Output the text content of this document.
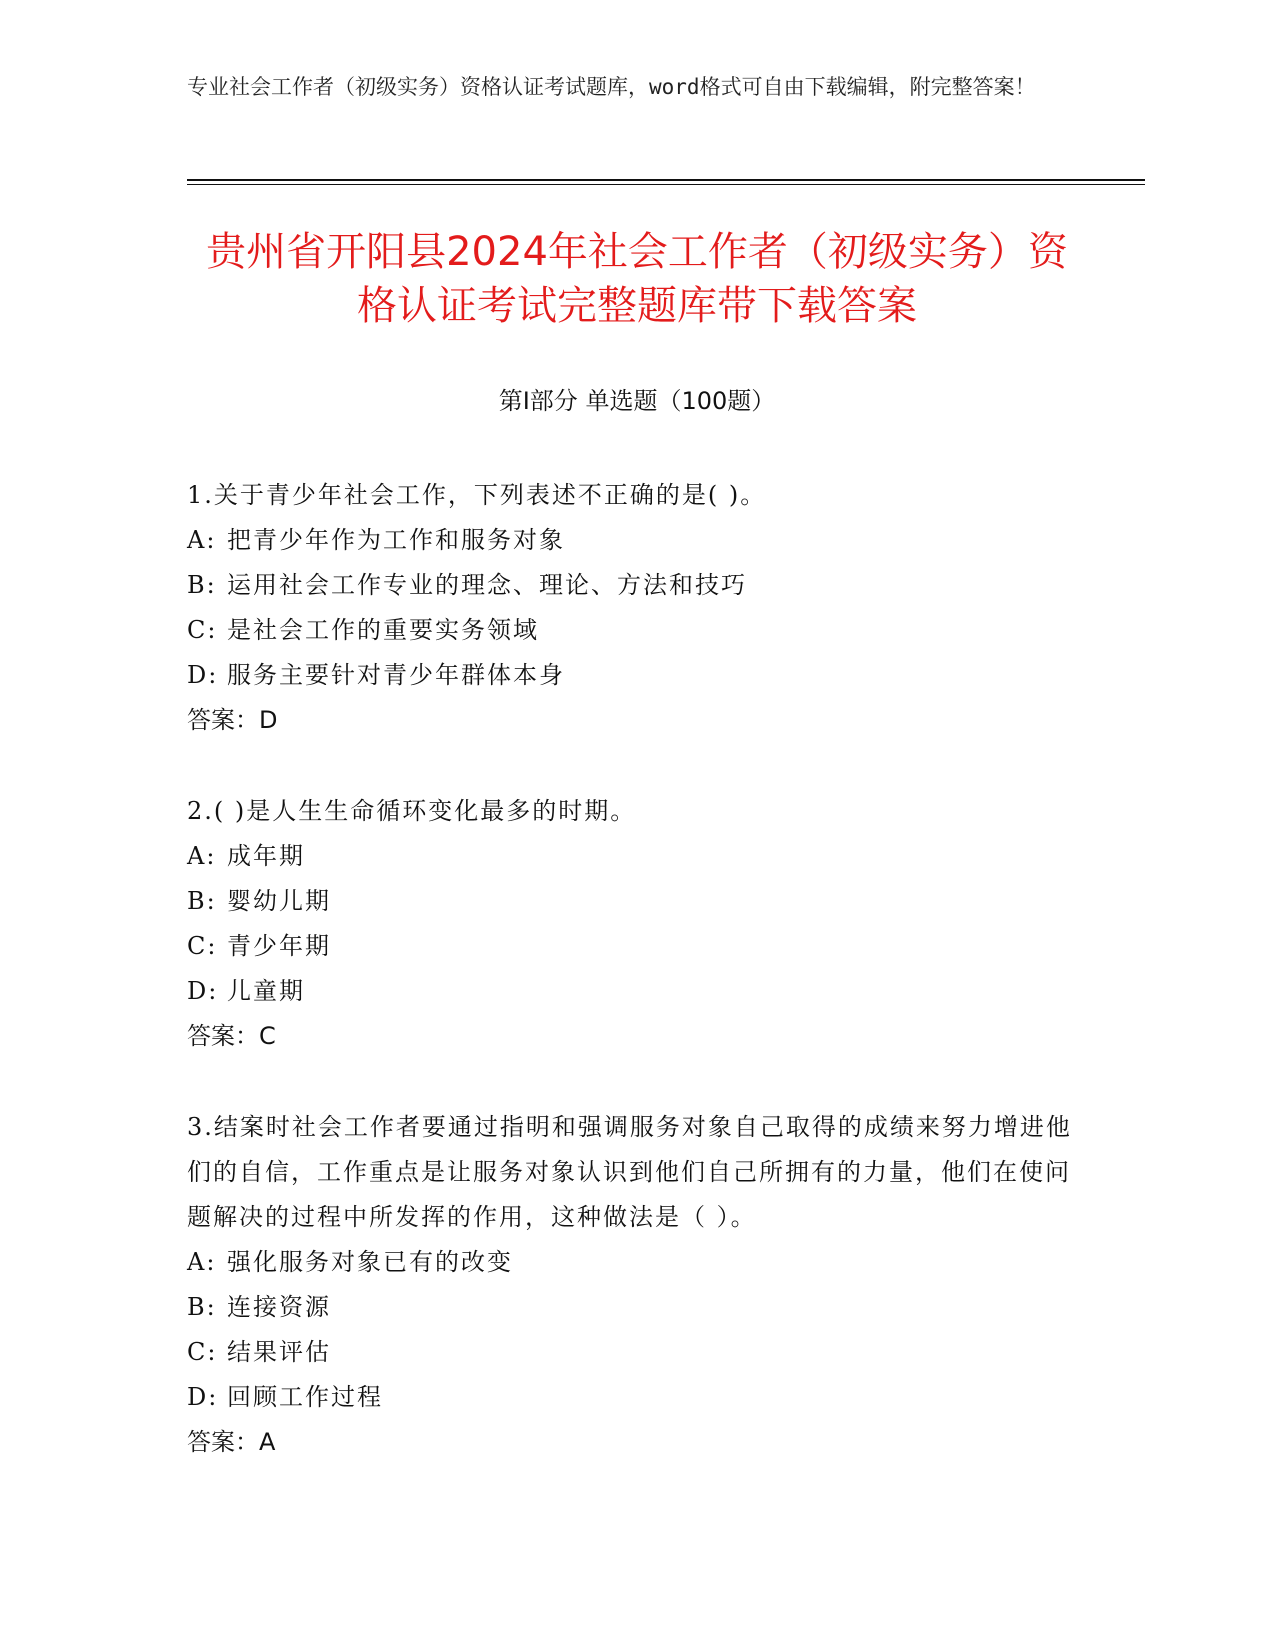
专业社会工作者（初级实务）资格认证考试题库，word格式可自由下载编辑，附完整答案！
贵州省开阳县2024年社会工作者（初级实务）资格认证考试完整题库带下载答案
第Ⅰ部分 单选题（100题）
1.关于青少年社会工作，下列表述不正确的是( )。
A: 把青少年作为工作和服务对象
B: 运用社会工作专业的理念、理论、方法和技巧
C: 是社会工作的重要实务领域
D: 服务主要针对青少年群体本身
答案：D
2.( )是人生生命循环变化最多的时期。
A: 成年期
B: 婴幼儿期
C: 青少年期
D: 儿童期
答案：C
3.结案时社会工作者要通过指明和强调服务对象自己取得的成绩来努力增进他们的自信，工作重点是让服务对象认识到他们自己所拥有的力量，他们在使问题解决的过程中所发挥的作用，这种做法是（ ）。
A: 强化服务对象已有的改变
B: 连接资源
C: 结果评估
D: 回顾工作过程
答案：A
